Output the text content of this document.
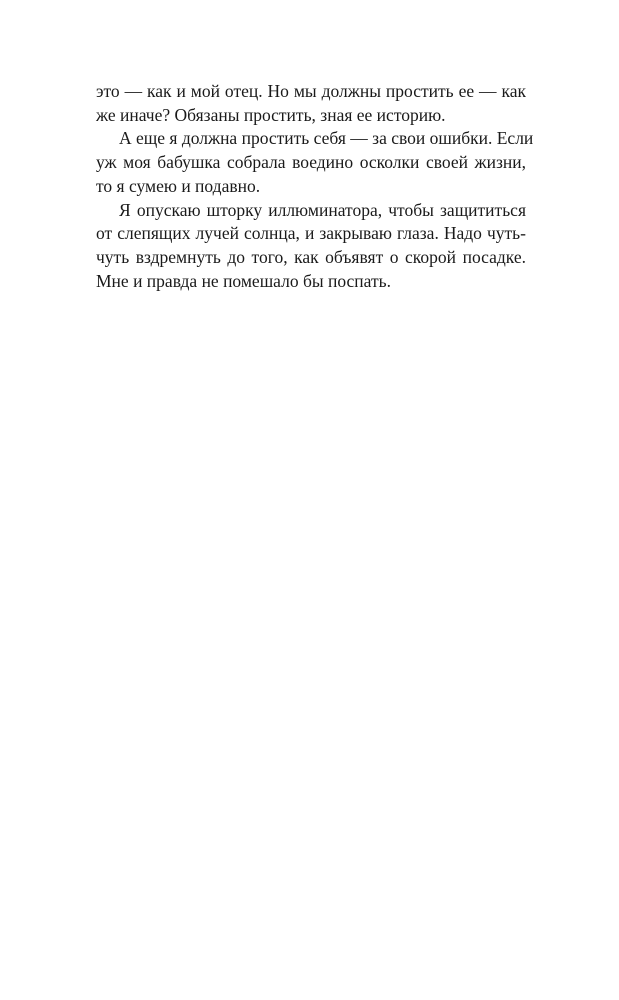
это — как и мой отец. Но мы должны простить ее — как
же иначе? Обязаны простить, зная ее историю.
А еще я должна простить себя — за свои ошибки. Если
уж моя бабушка собрала воедино осколки своей жизни,
то я сумею и подавно.
Я опускаю шторку иллюминатора, чтобы защититься
от слепящих лучей солнца, и закрываю глаза. Надо чуть-
чуть вздремнуть до того, как объявят о скорой посадке.
Мне и правда не помешало бы поспать.
